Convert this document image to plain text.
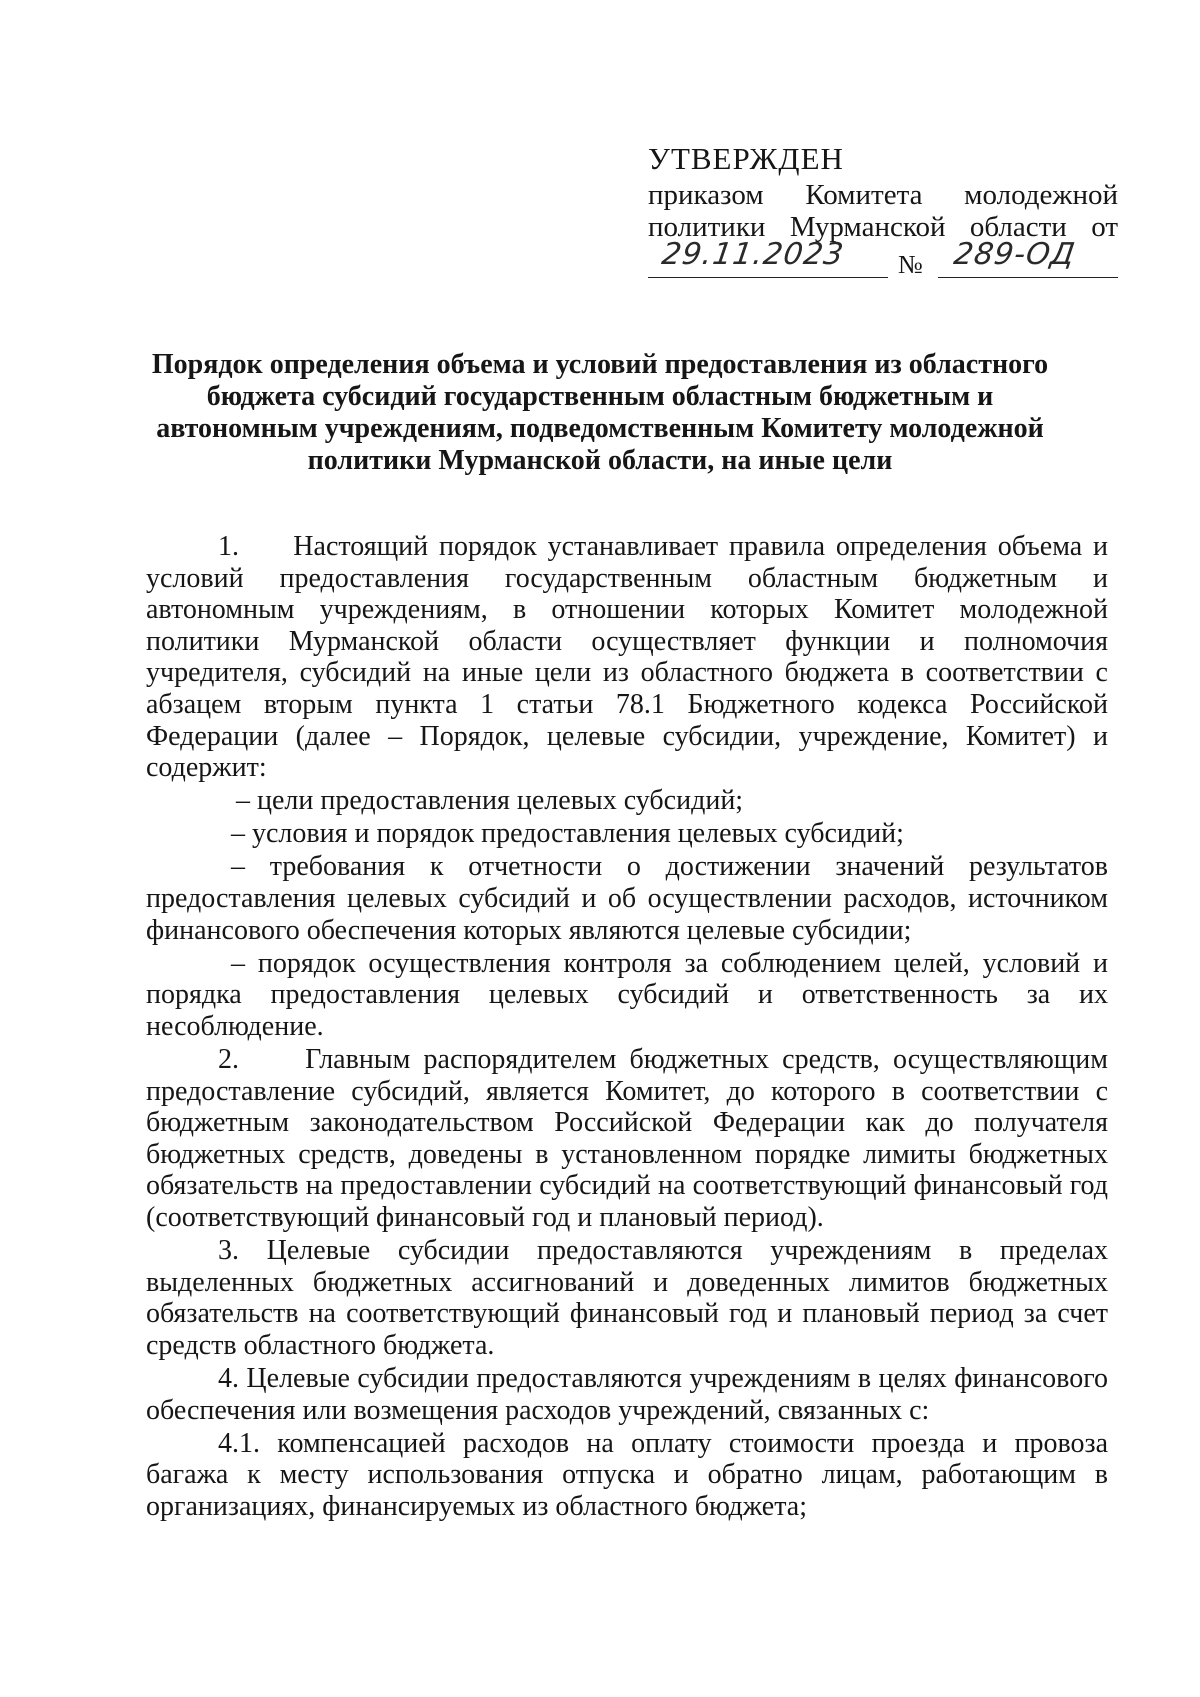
УТВЕРЖДЕН
приказом Комитета молодежной
политики Мурманской области от
29.11.2023 № 289-ОД
Порядок определения объема и условий предоставления из областного
бюджета субсидий государственным областным бюджетным и
автономным учреждениям, подведомственным Комитету молодежной
политики Мурманской области, на иные цели

1.     Настоящий порядок устанавливает правила определения объема и условий предоставления государственным областным бюджетным и автономным учреждениям, в отношении которых Комитет молодежной политики Мурманской области осуществляет функции и полномочия учредителя, субсидий на иные цели из областного бюджета в соответствии с абзацем вторым пункта 1 статьи 78.1 Бюджетного кодекса Российской Федерации (далее – Порядок, целевые субсидии, учреждение, Комитет) и содержит:

– цели предоставления целевых субсидий;

– условия и порядок предоставления целевых субсидий;

– требования к отчетности о достижении значений результатов предоставления целевых субсидий и об осуществлении расходов, источником финансового обеспечения которых являются целевые субсидии;

– порядок осуществления контроля за соблюдением целей, условий и порядка предоставления целевых субсидий и ответственность за их несоблюдение.

2.     Главным распорядителем бюджетных средств, осуществляющим предоставление субсидий, является Комитет, до которого в соответствии с бюджетным законодательством Российской Федерации как до получателя бюджетных средств, доведены в установленном порядке лимиты бюджетных обязательств на предоставлении субсидий на соответствующий финансовый год (соответствующий финансовый год и плановый период).

3. Целевые субсидии предоставляются учреждениям в пределах выделенных бюджетных ассигнований и доведенных лимитов бюджетных обязательств на соответствующий финансовый год и плановый период за счет средств областного бюджета.

4. Целевые субсидии предоставляются учреждениям в целях финансового обеспечения или возмещения расходов учреждений, связанных с:

4.1. компенсацией расходов на оплату стоимости проезда и провоза багажа к месту использования отпуска и обратно лицам, работающим в организациях, финансируемых из областного бюджета;
